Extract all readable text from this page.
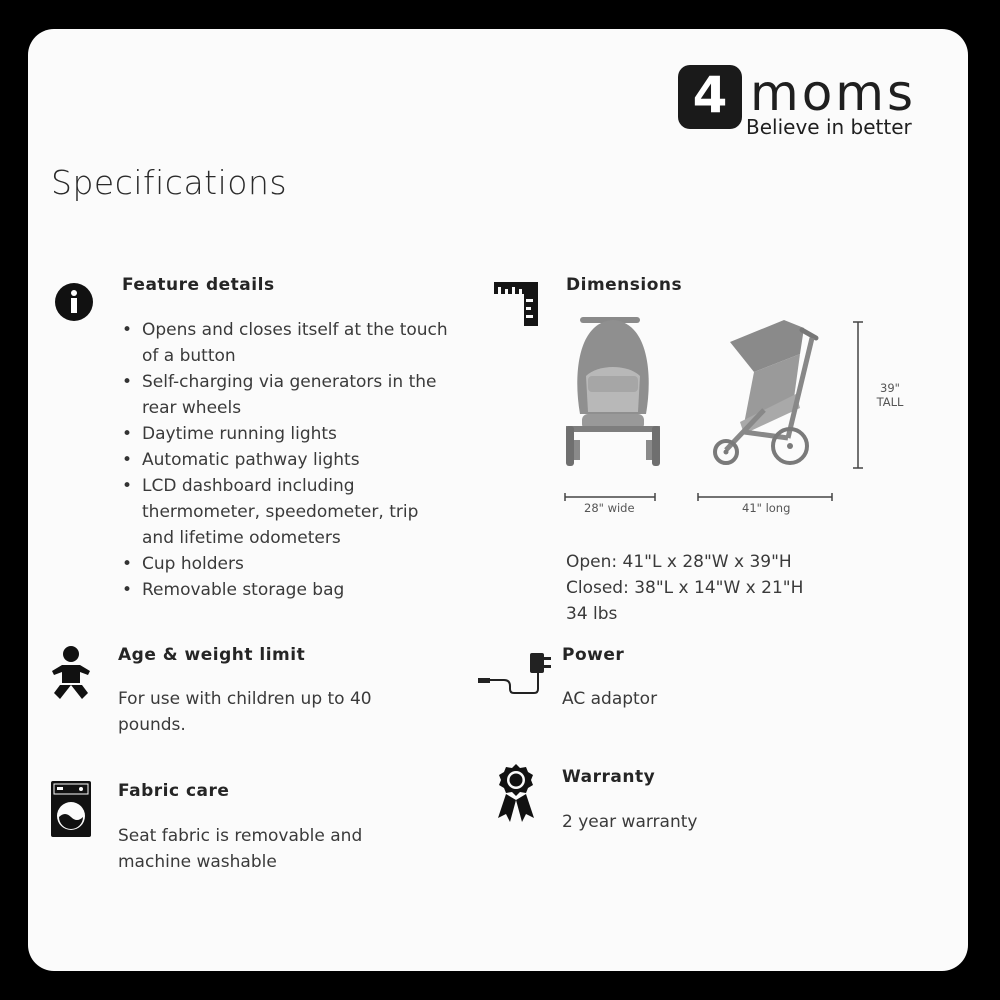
4 moms
Believe in better
Specifications
Feature details
• Opens and closes itself at the touch of a button
• Self-charging via generators in the rear wheels
• Daytime running lights
• Automatic pathway lights
• LCD dashboard including thermometer, speedometer, trip and lifetime odometers
• Cup holders
• Removable storage bag
Dimensions
39"
TALL
28" wide	41" long
Open: 41"L x 28"W x 39"H
Closed: 38"L x 14"W x 21"H
34 lbs
Age & weight limit
For use with children up to 40 pounds.
Power
AC adaptor
Fabric care
Seat fabric is removable and machine washable
Warranty
2 year warranty
